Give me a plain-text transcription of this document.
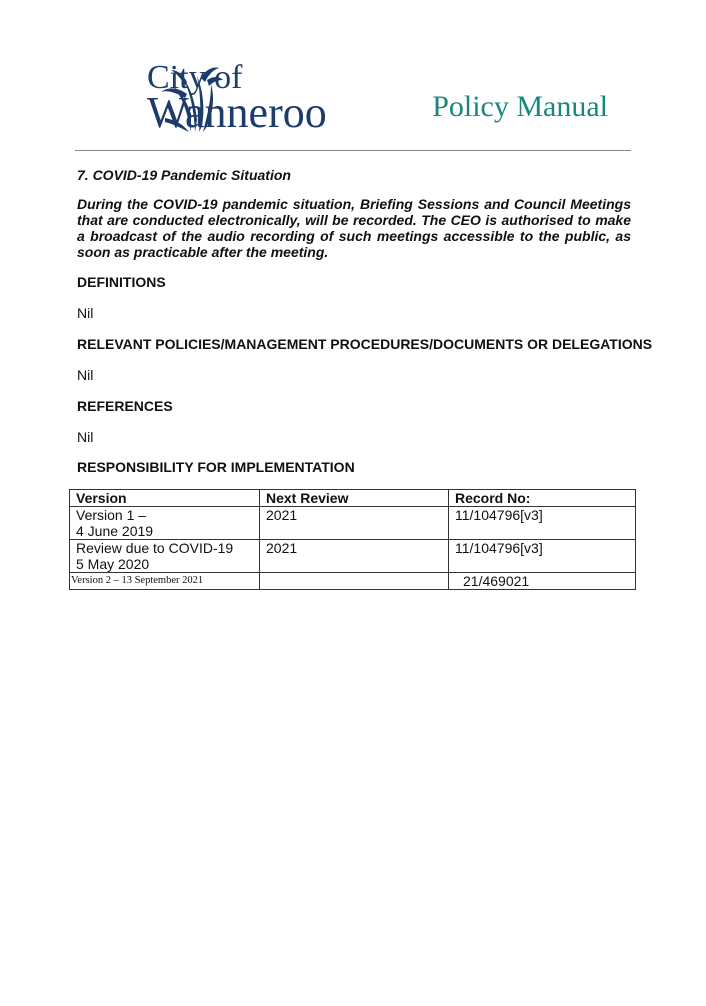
City of
Wanneroo	Policy Manual
7. COVID-19 Pandemic Situation
During the COVID-19 pandemic situation, Briefing Sessions and Council Meetings that are conducted electronically, will be recorded. The CEO is authorised to make a broadcast of the audio recording of such meetings accessible to the public, as soon as practicable after the meeting.
DEFINITIONS
Nil
RELEVANT POLICIES/MANAGEMENT PROCEDURES/DOCUMENTS OR DELEGATIONS
Nil
REFERENCES
Nil
RESPONSIBILITY FOR IMPLEMENTATION
Version	Next Review	Record No:

Version 1 –
4 June 2019	2021	11/104796[v3]

Review due to COVID-19
5 May 2020	2021	11/104796[v3]
Version 2 – 13 September 2021		21/469021
